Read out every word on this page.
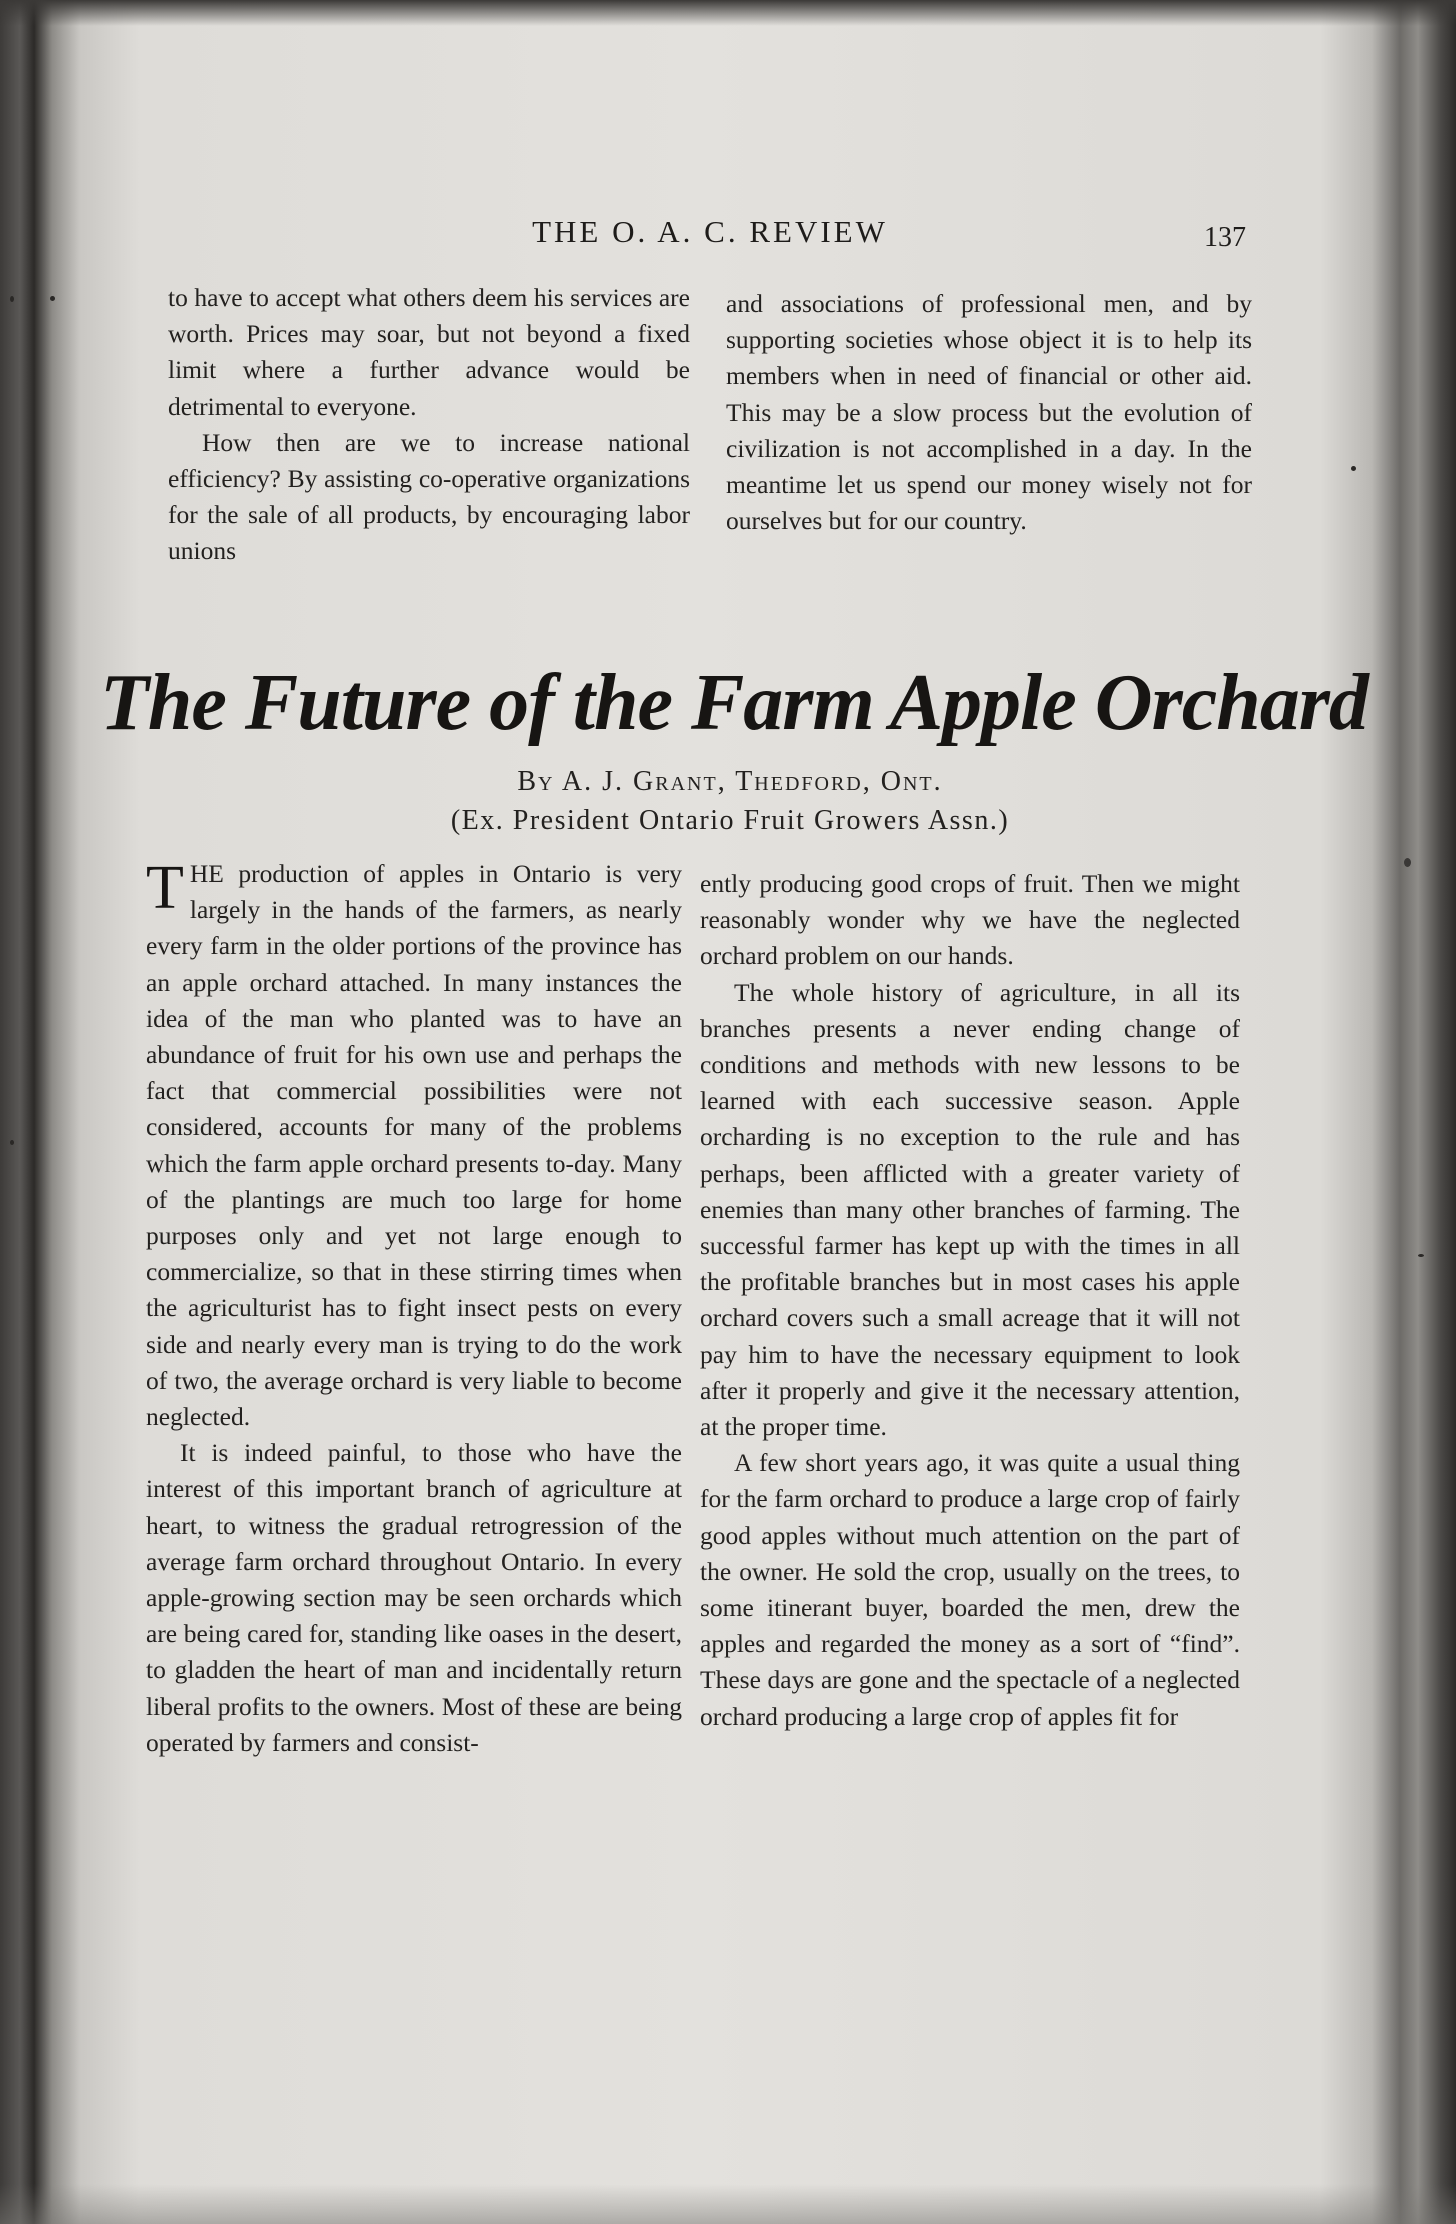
THE O. A. C. REVIEW	137

to have to accept what others deem his services are worth. Prices may soar, but not beyond a fixed limit where a further advance would be detrimental to everyone.

How then are we to increase national efficiency? By assisting co-operative organizations for the sale of all products, by encouraging labor unions

and associations of professional men, and by supporting societies whose object it is to help its members when in need of financial or other aid. This may be a slow process but the evolution of civilization is not accomplished in a day. In the meantime let us spend our money wisely not for ourselves but for our country.

The Future of the Farm Apple Orchard
By A. J. Grant, Thedford, Ont.
(Ex. President Ontario Fruit Growers Assn.)

THE production of apples in Ontario is very largely in the hands of the farmers, as nearly every farm in the older portions of the province has an apple orchard attached. In many instances the idea of the man who planted was to have an abundance of fruit for his own use and perhaps the fact that commercial possibilities were not considered, accounts for many of the problems which the farm apple orchard presents to-day. Many of the plantings are much too large for home purposes only and yet not large enough to commercialize, so that in these stirring times when the agriculturist has to fight insect pests on every side and nearly every man is trying to do the work of two, the average orchard is very liable to become neglected.

It is indeed painful, to those who have the interest of this important branch of agriculture at heart, to witness the gradual retrogression of the average farm orchard throughout Ontario. In every apple-growing section may be seen orchards which are being cared for, standing like oases in the desert, to gladden the heart of man and incidentally return liberal profits to the owners. Most of these are being operated by farmers and consist-

ently producing good crops of fruit. Then we might reasonably wonder why we have the neglected orchard problem on our hands.

The whole history of agriculture, in all its branches presents a never ending change of conditions and methods with new lessons to be learned with each successive season. Apple orcharding is no exception to the rule and has perhaps, been afflicted with a greater variety of enemies than many other branches of farming. The successful farmer has kept up with the times in all the profitable branches but in most cases his apple orchard covers such a small acreage that it will not pay him to have the necessary equipment to look after it properly and give it the necessary attention, at the proper time.

A few short years ago, it was quite a usual thing for the farm orchard to produce a large crop of fairly good apples without much attention on the part of the owner. He sold the crop, usually on the trees, to some itinerant buyer, boarded the men, drew the apples and regarded the money as a sort of “find”. These days are gone and the spectacle of a neglected orchard producing a large crop of apples fit for
